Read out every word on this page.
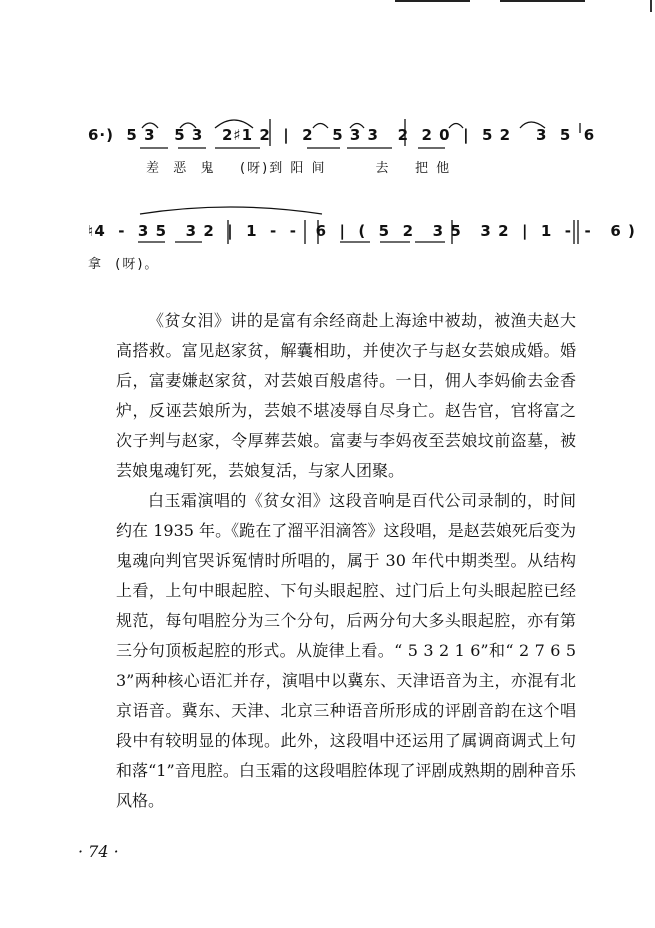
6·)  5 3   5 3   2♯1 2  |  2   5 3 3   2  2 0  |  5 2    3  5  6
差  恶  鬼    (呀)到 阳 间        去    把 他
♮4  -  3 5   3 2  |  1  -  -   6  |  (  5  2   3 5   3 2  |  1  -  -   6 )
拿  (呀)。

《贫女泪》讲的是富有余经商赴上海途中被劫，被渔夫赵大高搭救。富见赵家贫，解囊相助，并使次子与赵女芸娘成婚。婚后，富妻嫌赵家贫，对芸娘百般虐待。一日，佣人李妈偷去金香炉，反诬芸娘所为，芸娘不堪凌辱自尽身亡。赵告官，官将富之次子判与赵家，令厚葬芸娘。富妻与李妈夜至芸娘坟前盗墓，被芸娘鬼魂钉死，芸娘复活，与家人团聚。

白玉霜演唱的《贫女泪》这段音响是百代公司录制的，时间约在 1935 年。《跪在了溜平泪滴答》这段唱，是赵芸娘死后变为鬼魂向判官哭诉冤情时所唱的，属于 30 年代中期类型。从结构上看，上句中眼起腔、下句头眼起腔、过门后上句头眼起腔已经规范，每句唱腔分为三个分句，后两分句大多头眼起腔，亦有第三分句顶板起腔的形式。从旋律上看。“ 5 3 2 1 6”和“ 2 7 6 5 3”两种核心语汇并存，演唱中以冀东、天津语音为主，亦混有北京语音。冀东、天津、北京三种语音所形成的评剧音韵在这个唱段中有较明显的体现。此外，这段唱中还运用了属调商调式上句和落“1”音甩腔。白玉霜的这段唱腔体现了评剧成熟期的剧种音乐风格。

· 74 ·
